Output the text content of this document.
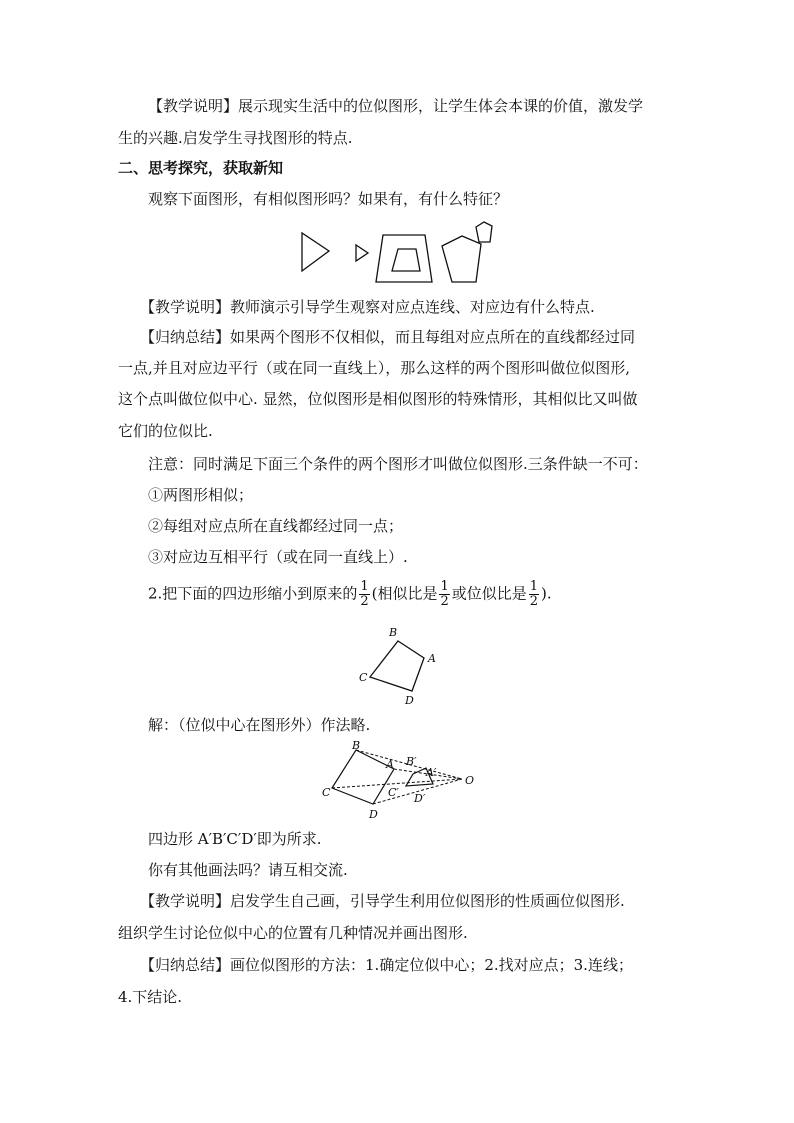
【教学说明】展示现实生活中的位似图形，让学生体会本课的价值，激发学
生的兴趣.启发学生寻找图形的特点.
二、思考探究，获取新知
观察下面图形，有相似图形吗？如果有，有什么特征？
【教学说明】教师演示引导学生观察对应点连线、对应边有什么特点.
【归纳总结】如果两个图形不仅相似，而且每组对应点所在的直线都经过同
一点,并且对应边平行（或在同一直线上），那么这样的两个图形叫做位似图形,
这个点叫做位似中心. 显然，位似图形是相似图形的特殊情形，其相似比又叫做
它们的位似比.
注意：同时满足下面三个条件的两个图形才叫做位似图形.三条件缺一不可：
①两图形相似；
②每组对应点所在直线都经过同一点；
③对应边互相平行（或在同一直线上）.
2.把下面的四边形缩小到原来的 $\frac{1}{2}$ (相似比是 $\frac{1}{2}$ 或位似比是 $\frac{1}{2}$ ).
B
A
C
D
解：（位似中心在图形外）作法略.
B
A
C
D
B′
A′
C′ D′
O
四边形 A′B′C′D′即为所求.
你有其他画法吗？请互相交流.
【教学说明】启发学生自己画，引导学生利用位似图形的性质画位似图形.
组织学生讨论位似中心的位置有几种情况并画出图形.
【归纳总结】画位似图形的方法：1.确定位似中心；2.找对应点；3.连线；
4.下结论.
